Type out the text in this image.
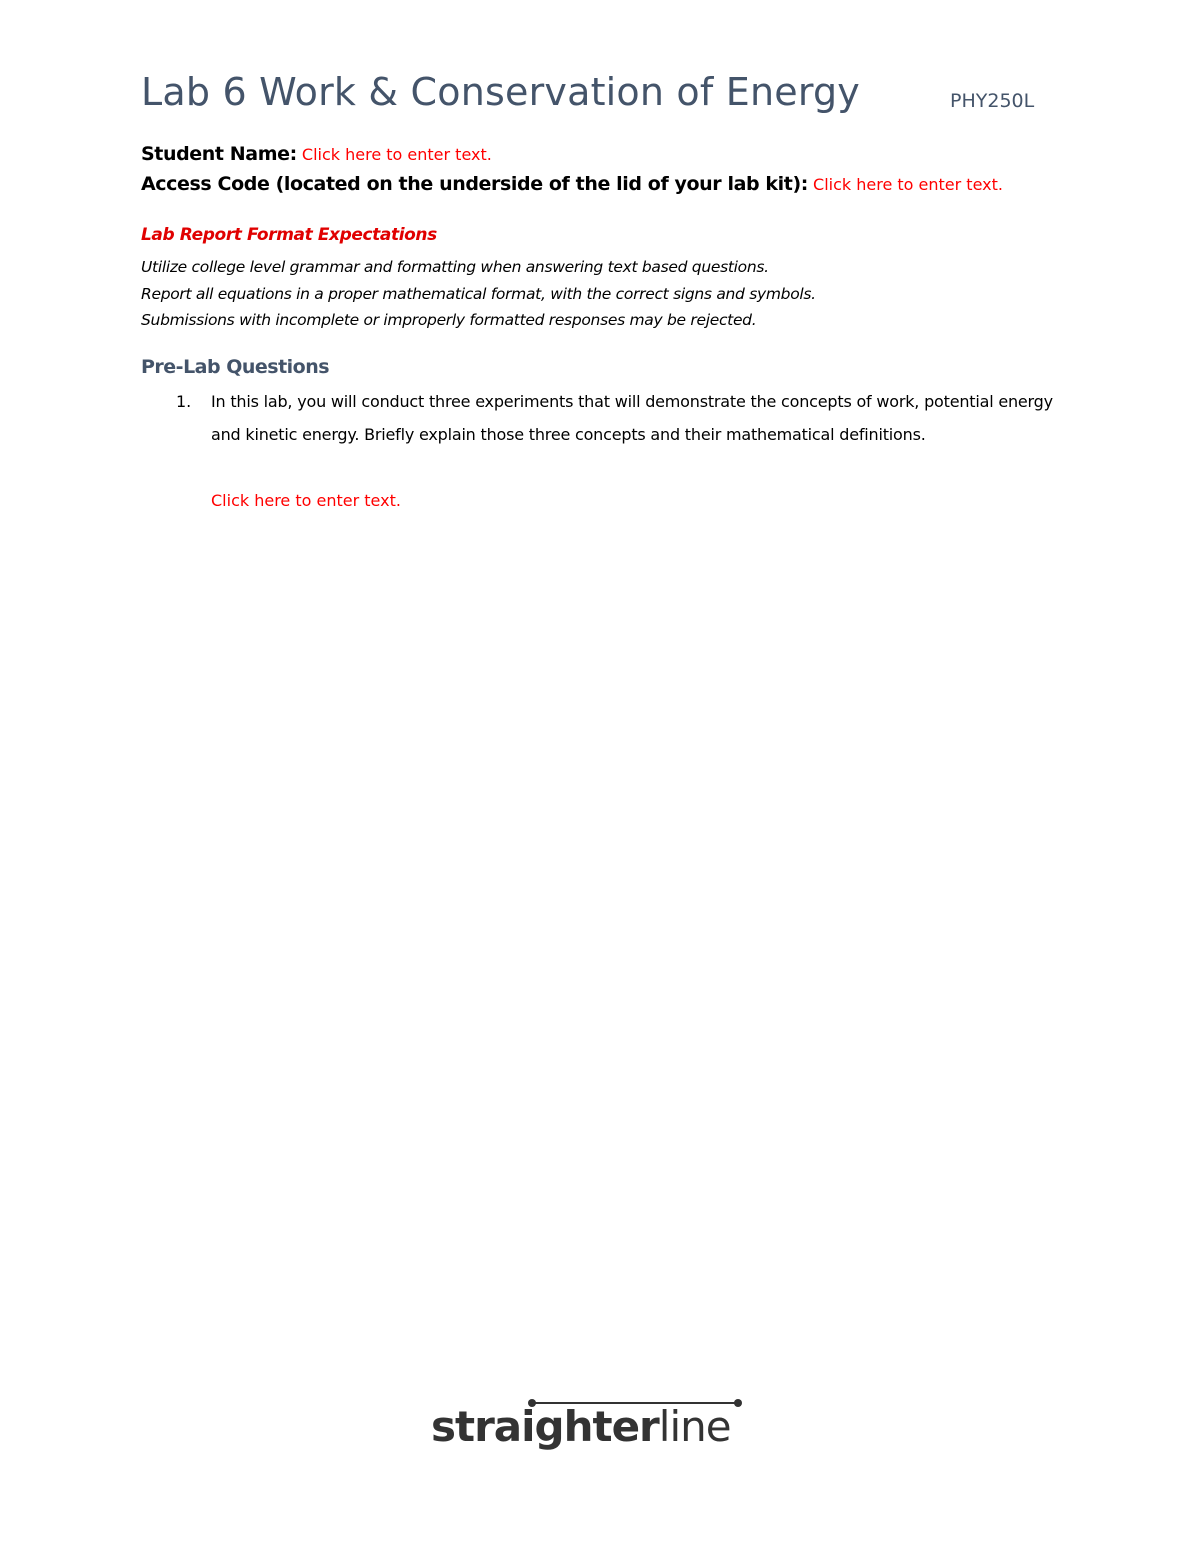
Lab 6 Work & Conservation of Energy	PHY250L
Student Name: Click here to enter text.
Access Code (located on the underside of the lid of your lab kit): Click here to enter text.
Lab Report Format Expectations
Utilize college level grammar and formatting when answering text based questions.
Report all equations in a proper mathematical format, with the correct signs and symbols.
Submissions with incomplete or improperly formatted responses may be rejected.
Pre-Lab Questions
1. In this lab, you will conduct three experiments that will demonstrate the concepts of work, potential energy and kinetic energy. Briefly explain those three concepts and their mathematical definitions.
Click here to enter text.
straighterline
